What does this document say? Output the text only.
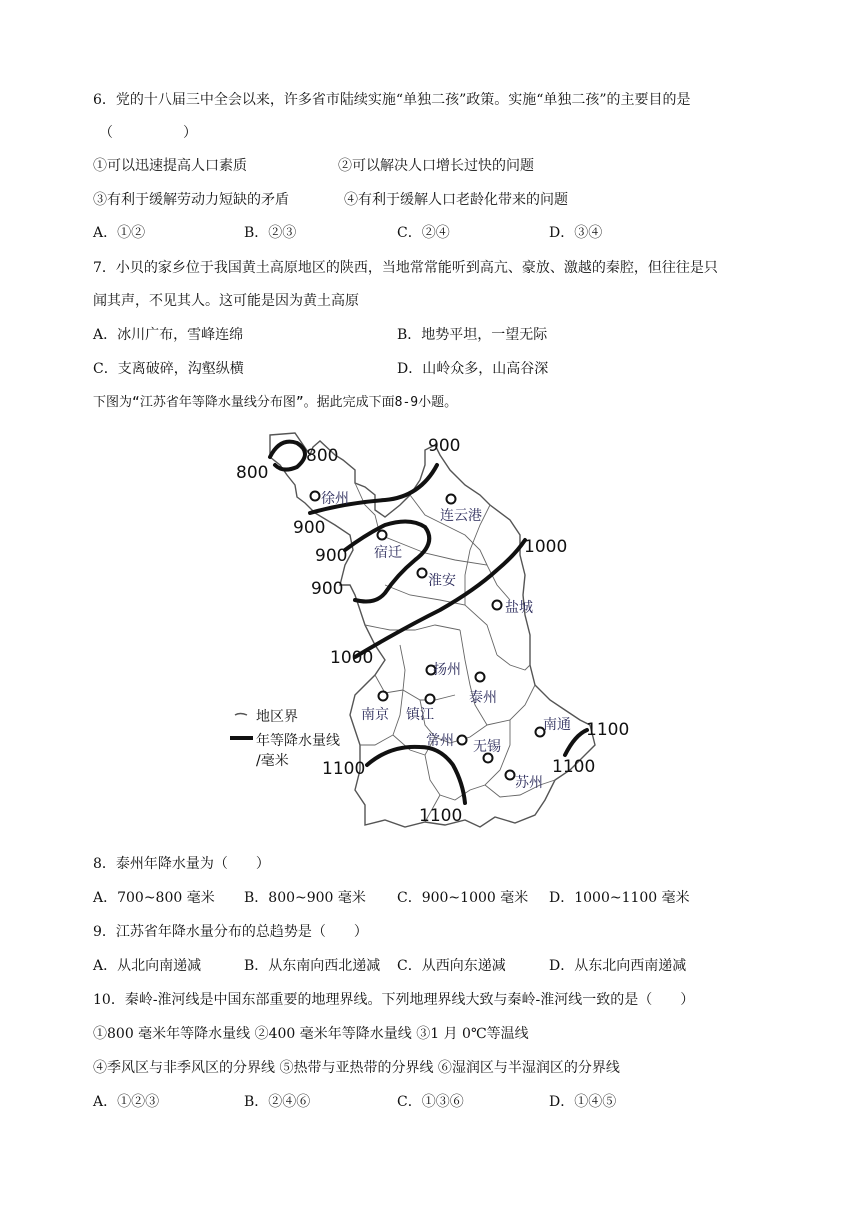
6．党的十八届三中全会以来，许多省市陆续实施“单独二孩”政策。实施“单独二孩”的主要目的是
（　　　　　）
①可以迅速提高人口素质	②可以解决人口增长过快的问题
③有利于缓解劳动力短缺的矛盾	④有利于缓解人口老龄化带来的问题
A．①②	B．②③	C．②④	D．③④
7．小贝的家乡位于我国黄土高原地区的陕西，当地常常能听到高亢、豪放、激越的秦腔，但往往是只
闻其声，不见其人。这可能是因为黄土高原
A．冰川广布，雪峰连绵	B．地势平坦，一望无际
C．支离破碎，沟壑纵横	D．山岭众多，山高谷深
下图为“江苏省年等降水量线分布图”。据此完成下面8-9小题。
800
800	900
900
900
900
1000
1000
1100
1100	1100
1100
徐州
连云港
宿迁
淮安
盐城
扬州
泰州
南京 镇江
南通
常州 无锡
苏州
地区界
年等降水量线
/毫米
8．泰州年降水量为（　　）
A．700~800 毫米 B．800~900 毫米 C．900~1000 毫米 D．1000~1100 毫米
9．江苏省年降水量分布的总趋势是（　　）
A．从北向南递减	B．从东南向西北递减 C．从西向东递减	D．从东北向西南递减
10．秦岭-淮河线是中国东部重要的地理界线。下列地理界线大致与秦岭-淮河线一致的是（　　）
①800 毫米年等降水量线 ②400 毫米年等降水量线 ③1 月 0℃等温线
④季风区与非季风区的分界线 ⑤热带与亚热带的分界线 ⑥湿润区与半湿润区的分界线
A．①②③	B．②④⑥	C．①③⑥	D．①④⑤
